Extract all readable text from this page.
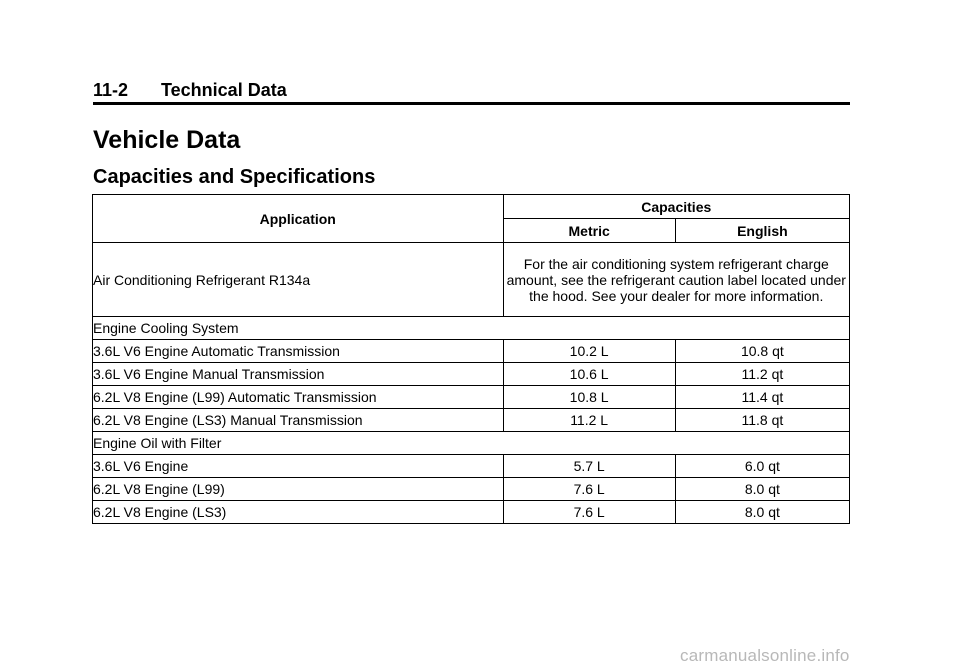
11-2 Technical Data
Vehicle Data
Capacities and Specifications
Application	Capacities	
	Metric	English
Air Conditioning Refrigerant R134a	For the air conditioning system refrigerant charge amount, see the refrigerant caution label located under the hood. See your dealer for more information.	
Engine Cooling System		
3.6L V6 Engine Automatic Transmission	10.2 L	10.8 qt
3.6L V6 Engine Manual Transmission	10.6 L	11.2 qt
6.2L V8 Engine (L99) Automatic Transmission	10.8 L	11.4 qt
6.2L V8 Engine (LS3) Manual Transmission	11.2 L	11.8 qt
Engine Oil with Filter		
3.6L V6 Engine	5.7 L	6.0 qt
6.2L V8 Engine (L99)	7.6 L	8.0 qt
6.2L V8 Engine (LS3)	7.6 L	8.0 qt
carmanualsonline.info
